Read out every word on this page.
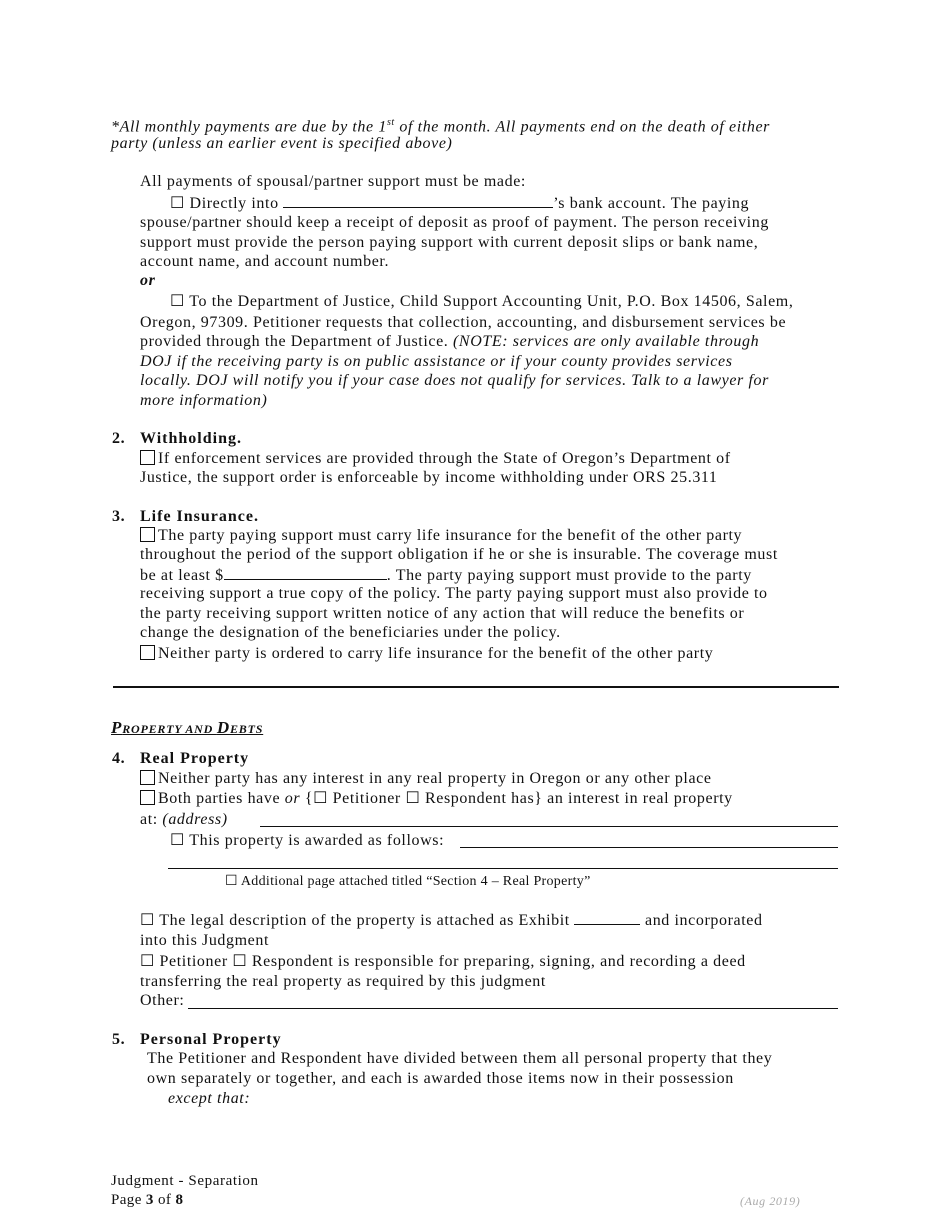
*All monthly payments are due by the 1st of the month. All payments end on the death of either
party (unless an earlier event is specified above)
All payments of spousal/partner support must be made:
☐ Directly into	’s bank account. The paying
spouse/partner should keep a receipt of deposit as proof of payment. The person receiving
support must provide the person paying support with current deposit slips or bank name,
account name, and account number.
or
☐ To the Department of Justice, Child Support Accounting Unit, P.O. Box 14506, Salem,
Oregon, 97309. Petitioner requests that collection, accounting, and disbursement services be
provided through the Department of Justice. (NOTE: services are only available through
DOJ if the receiving party is on public assistance or if your county provides services
locally. DOJ will notify you if your case does not qualify for services. Talk to a lawyer for
more information)
2. Withholding.
If enforcement services are provided through the State of Oregon’s Department of
Justice, the support order is enforceable by income withholding under ORS 25.311
3. Life Insurance.
The party paying support must carry life insurance for the benefit of the other party
throughout the period of the support obligation if he or she is insurable. The coverage must
be at least $	. The party paying support must provide to the party
receiving support a true copy of the policy. The party paying support must also provide to
the party receiving support written notice of any action that will reduce the benefits or
change the designation of the beneficiaries under the policy.
Neither party is ordered to carry life insurance for the benefit of the other party
PROPERTY AND DEBTS
4. Real Property
Neither party has any interest in any real property in Oregon or any other place
Both parties have or {☐ Petitioner ☐ Respondent has} an interest in real property
at: (address)
☐ This property is awarded as follows:
☐ Additional page attached titled “Section 4 – Real Property”
☐ The legal description of the property is attached as Exhibit	and incorporated
into this Judgment
☐ Petitioner ☐ Respondent is responsible for preparing, signing, and recording a deed
transferring the real property as required by this judgment
Other:
5. Personal Property
The Petitioner and Respondent have divided between them all personal property that they
own separately or together, and each is awarded those items now in their possession
except that:
Judgment - Separation
Page 3 of 8	(Aug 2019)
